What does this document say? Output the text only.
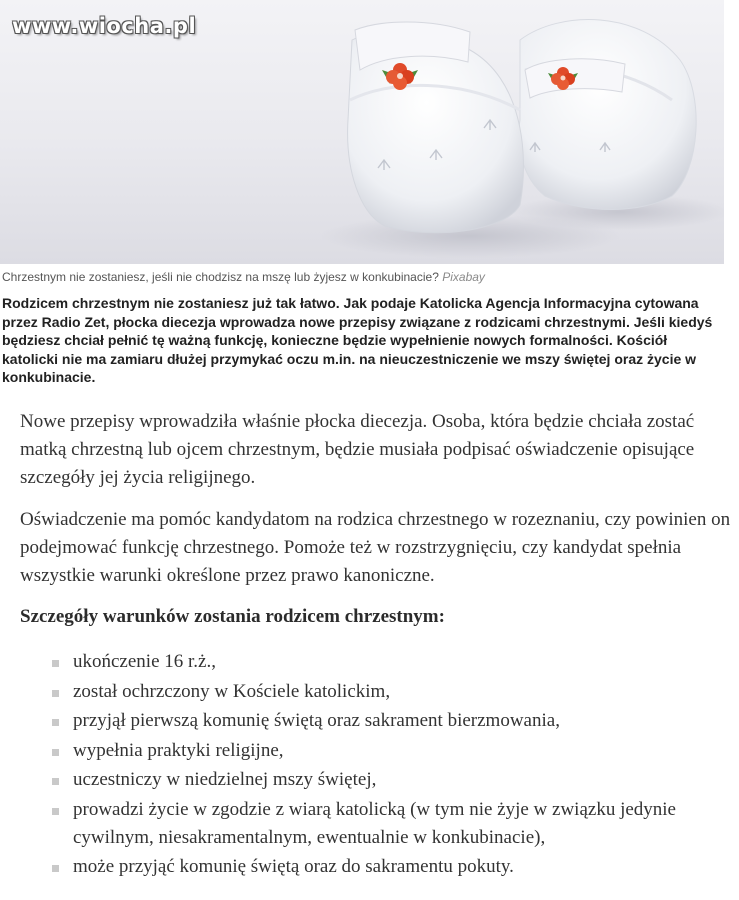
www.wiocha.pl
Chrzestnym nie zostaniesz, jeśli nie chodzisz na mszę lub żyjesz w konkubinacie? Pixabay
Rodzicem chrzestnym nie zostaniesz już tak łatwo. Jak podaje Katolicka Agencja Informacyjna cytowana przez Radio Zet, płocka diecezja wprowadza nowe przepisy związane z rodzicami chrzestnymi. Jeśli kiedyś będziesz chciał pełnić tę ważną funkcję, konieczne będzie wypełnienie nowych formalności. Kościół katolicki nie ma zamiaru dłużej przymykać oczu m.in. na nieuczestniczenie we mszy świętej oraz życie w konkubinacie.

Nowe przepisy wprowadziła właśnie płocka diecezja. Osoba, która będzie chciała zostać matką chrzestną lub ojcem chrzestnym, będzie musiała podpisać oświadczenie opisujące szczegóły jej życia religijnego.

Oświadczenie ma pomóc kandydatom na rodzica chrzestnego w rozeznaniu, czy powinien on podejmować funkcję chrzestnego. Pomoże też w rozstrzygnięciu, czy kandydat spełnia wszystkie warunki określone przez prawo kanoniczne.

Szczegóły warunków zostania rodzicem chrzestnym:
ukończenie 16 r.ż.,
został ochrzczony w Kościele katolickim,
przyjął pierwszą komunię świętą oraz sakrament bierzmowania,
wypełnia praktyki religijne,
uczestniczy w niedzielnej mszy świętej,
prowadzi życie w zgodzie z wiarą katolicką (w tym nie żyje w związku jedynie cywilnym, niesakramentalnym, ewentualnie w konkubinacie),
może przyjąć komunię świętą oraz do sakramentu pokuty.
